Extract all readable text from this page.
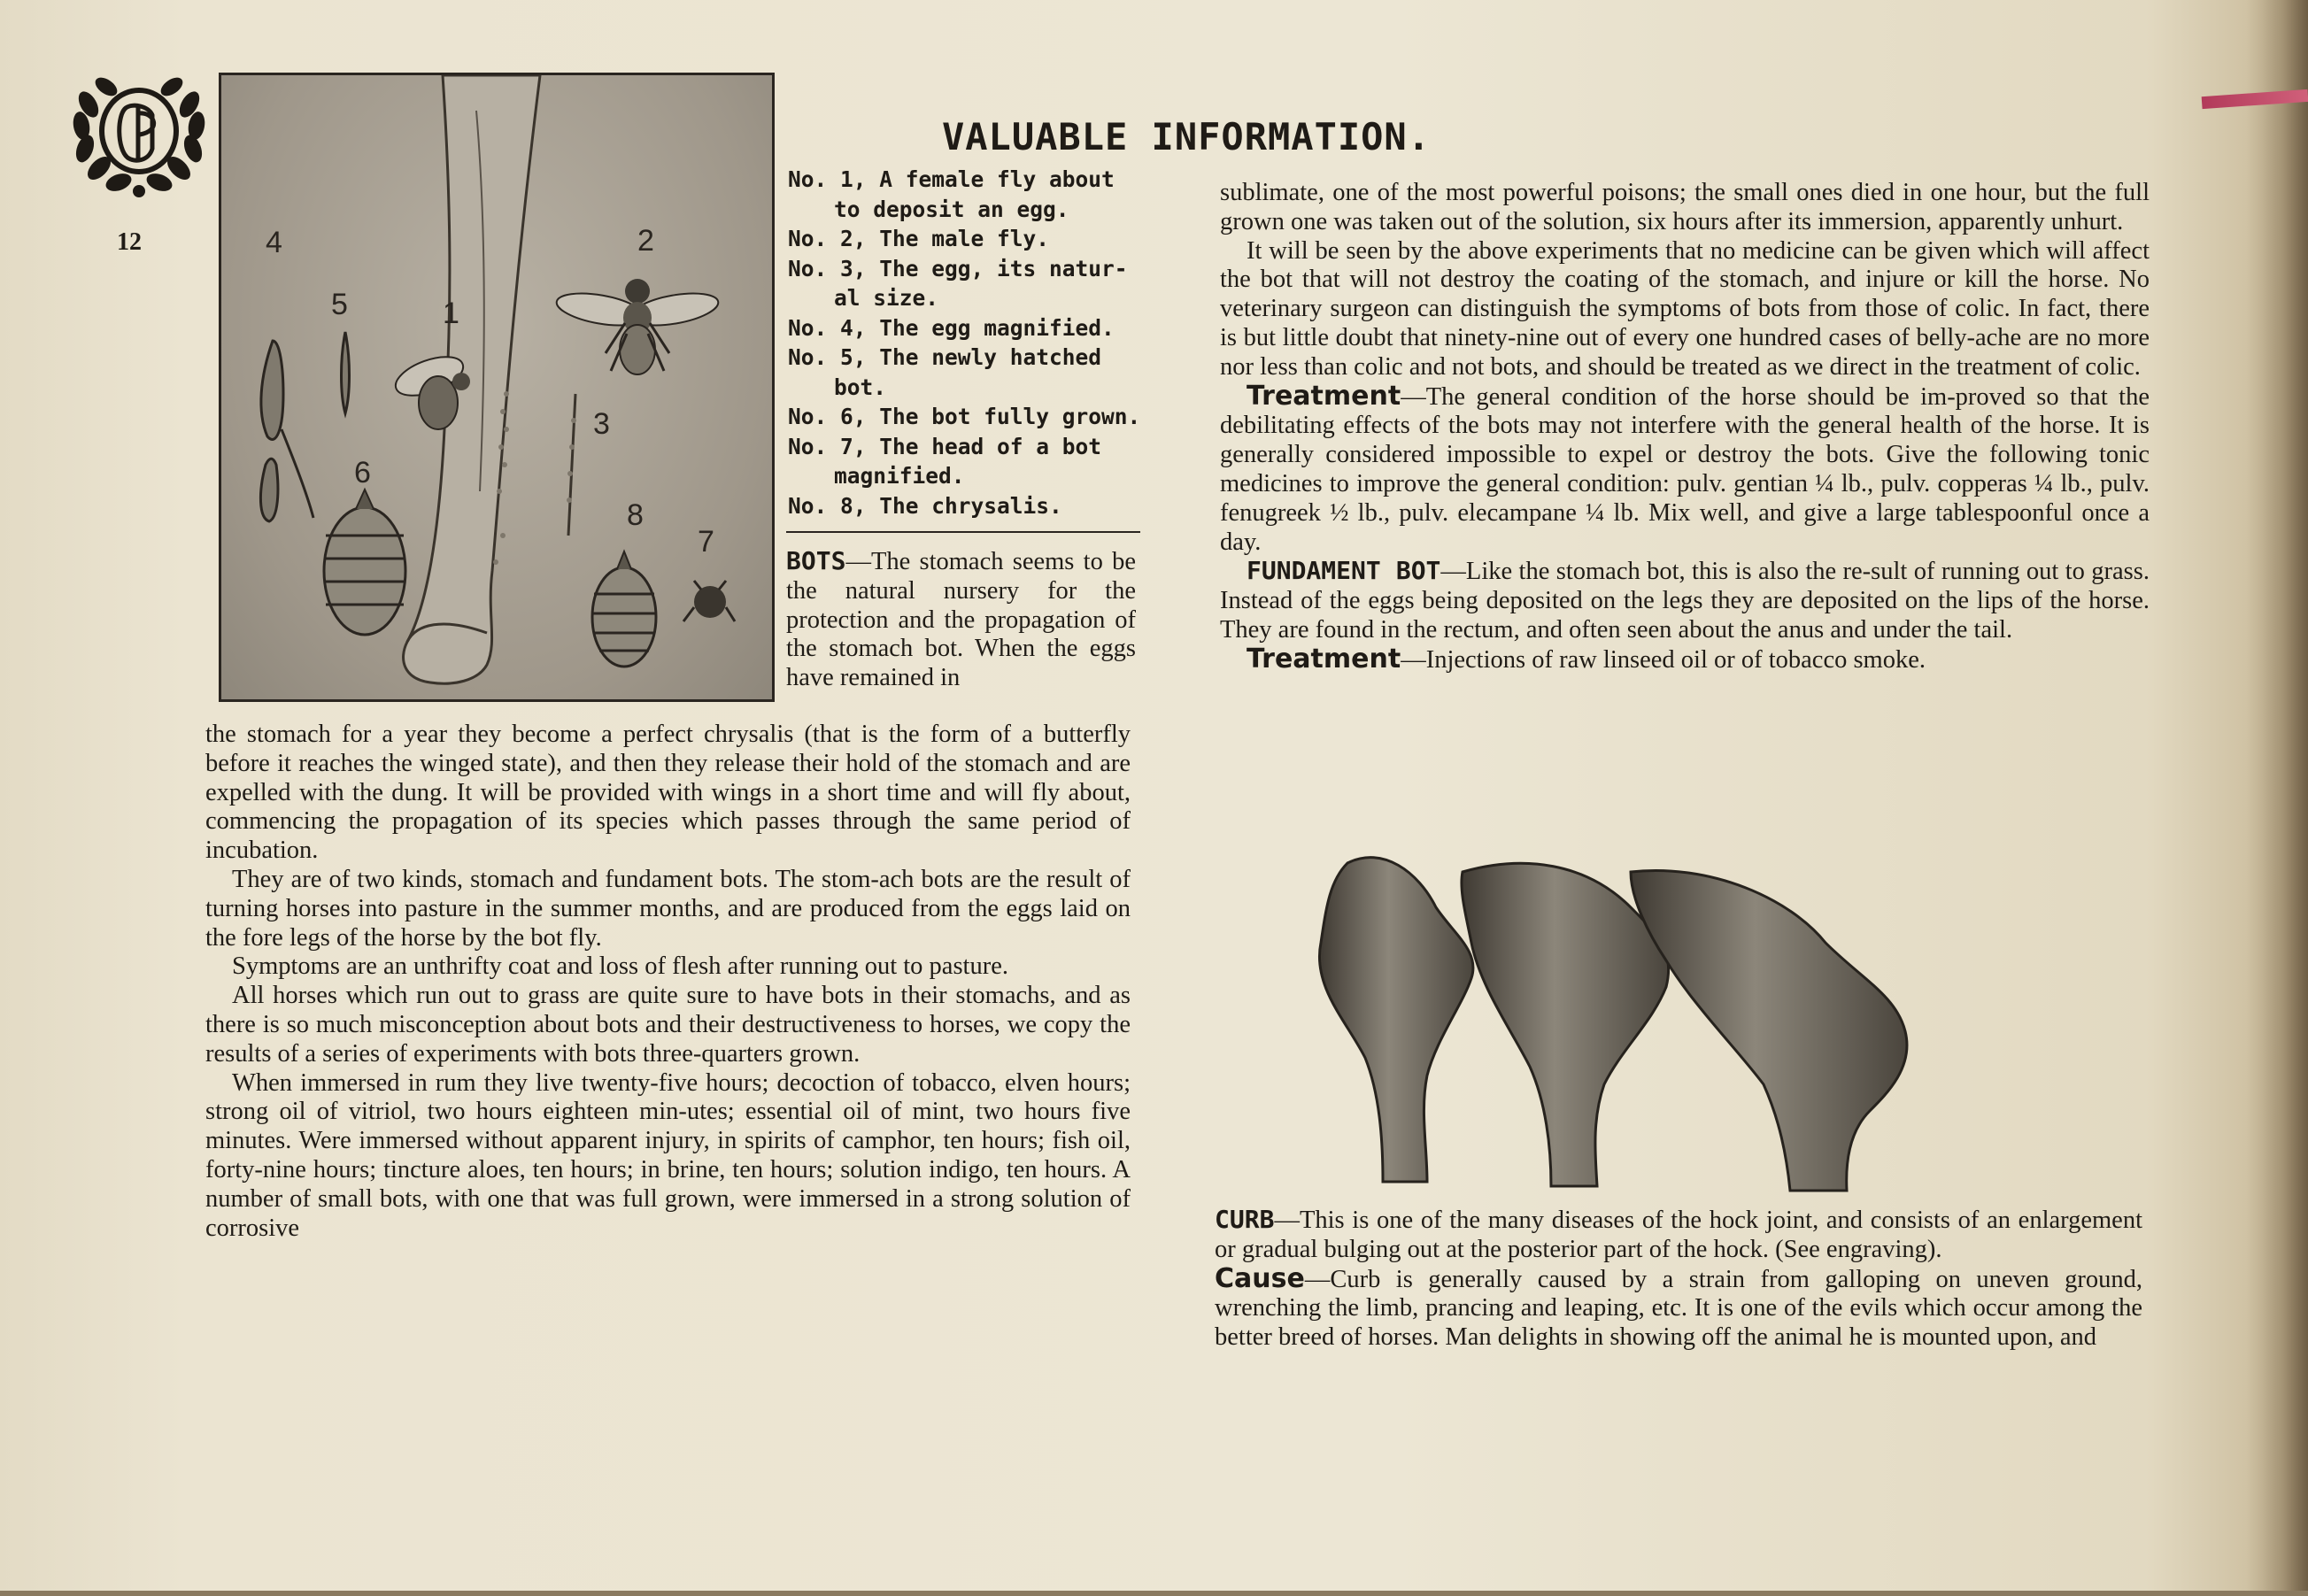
12	4
5	1
2
3
6
8
7
VALUABLE INFORMATION.

No. 1, A female fly about to deposit an egg.

No. 2, The male fly.

No. 3, The egg, its natur-al size.

No. 4, The egg magnified.

No. 5, The newly hatched bot.

No. 6, The bot fully grown.

No. 7, The head of a bot magnified.

No. 8, The chrysalis.

BOTS—The stomach seems to be the natural nursery for the protection and the propagation of the stomach bot. When the eggs have remained in

the stomach for a year they become a perfect chrysalis (that is the form of a butterfly before it reaches the winged state), and then they release their hold of the stomach and are expelled with the dung. It will be provided with wings in a short time and will fly about, commencing the propagation of its species which passes through the same period of incubation.

They are of two kinds, stomach and fundament bots. The stom-ach bots are the result of turning horses into pasture in the summer months, and are produced from the eggs laid on the fore legs of the horse by the bot fly.

Symptoms are an unthrifty coat and loss of flesh after running out to pasture.

All horses which run out to grass are quite sure to have bots in their stomachs, and as there is so much misconception about bots and their destructiveness to horses, we copy the results of a series of experiments with bots three-quarters grown.

When immersed in rum they live twenty-five hours; decoction of tobacco, elven hours; strong oil of vitriol, two hours eighteen min-utes; essential oil of mint, two hours five minutes. Were immersed without apparent injury, in spirits of camphor, ten hours; fish oil, forty-nine hours; tincture aloes, ten hours; in brine, ten hours; solution indigo, ten hours. A number of small bots, with one that was full grown, were immersed in a strong solution of corrosive

sublimate, one of the most powerful poisons; the small ones died in one hour, but the full grown one was taken out of the solution, six hours after its immersion, apparently unhurt.

It will be seen by the above experiments that no medicine can be given which will affect the bot that will not destroy the coating of the stomach, and injure or kill the horse. No veterinary surgeon can distinguish the symptoms of bots from those of colic. In fact, there is but little doubt that ninety-nine out of every one hundred cases of belly-ache are no more nor less than colic and not bots, and should be treated as we direct in the treatment of colic.

Treatment—The general condition of the horse should be im-proved so that the debilitating effects of the bots may not interfere with the general health of the horse. It is generally considered impossible to expel or destroy the bots. Give the following tonic medicines to improve the general condition: pulv. gentian ¼ lb., pulv. copperas ¼ lb., pulv. fenugreek ½ lb., pulv. elecampane ¼ lb. Mix well, and give a large tablespoonful once a day.

FUNDAMENT BOT—Like the stomach bot, this is also the re-sult of running out to grass. Instead of the eggs being deposited on the legs they are deposited on the lips of the horse. They are found in the rectum, and often seen about the anus and under the tail.

Treatment—Injections of raw linseed oil or of tobacco smoke.

CURB—This is one of the many diseases of the hock joint, and consists of an enlargement or gradual bulging out at the posterior part of the hock. (See engraving).

Cause—Curb is generally caused by a strain from galloping on uneven ground, wrenching the limb, prancing and leaping, etc. It is one of the evils which occur among the better breed of horses. Man delights in showing off the animal he is mounted upon, and
